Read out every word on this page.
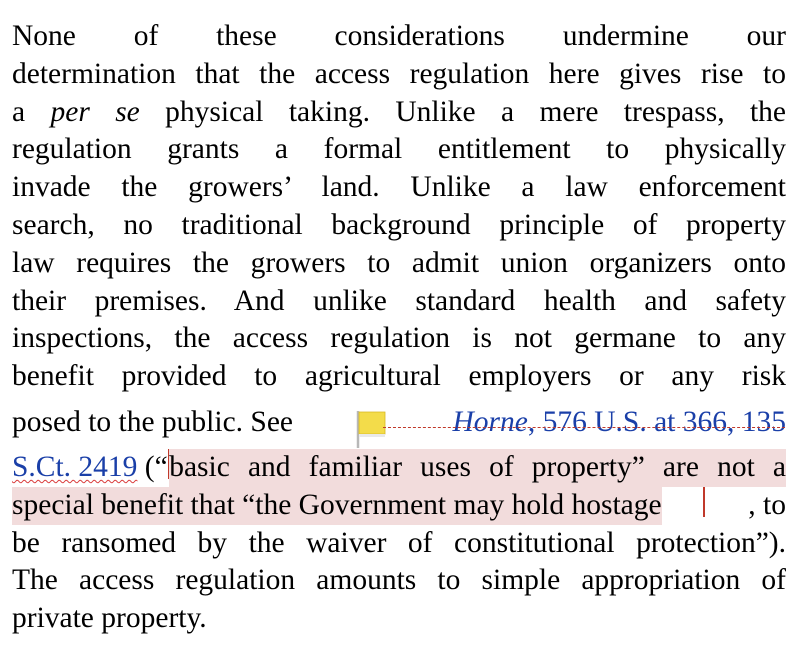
None of these considerations undermine our
determination that the access regulation here gives rise to
a per se physical taking. Unlike a mere trespass, the
regulation grants a formal entitlement to physically
invade the growers’ land. Unlike a law enforcement
search, no traditional background principle of property
law requires the growers to admit union organizers onto
their premises. And unlike standard health and safety
inspections, the access regulation is not germane to any
benefit provided to agricultural employers or any risk
posed to the public. See	Horne, 576 U.S. at 366, 135
S.Ct. 2419 (“ basic and familiar uses of property” are not a
special benefit that “the Government may hold hostage	, to
be ransomed by the waiver of constitutional protection”).
The access regulation amounts to simple appropriation of
private property.
